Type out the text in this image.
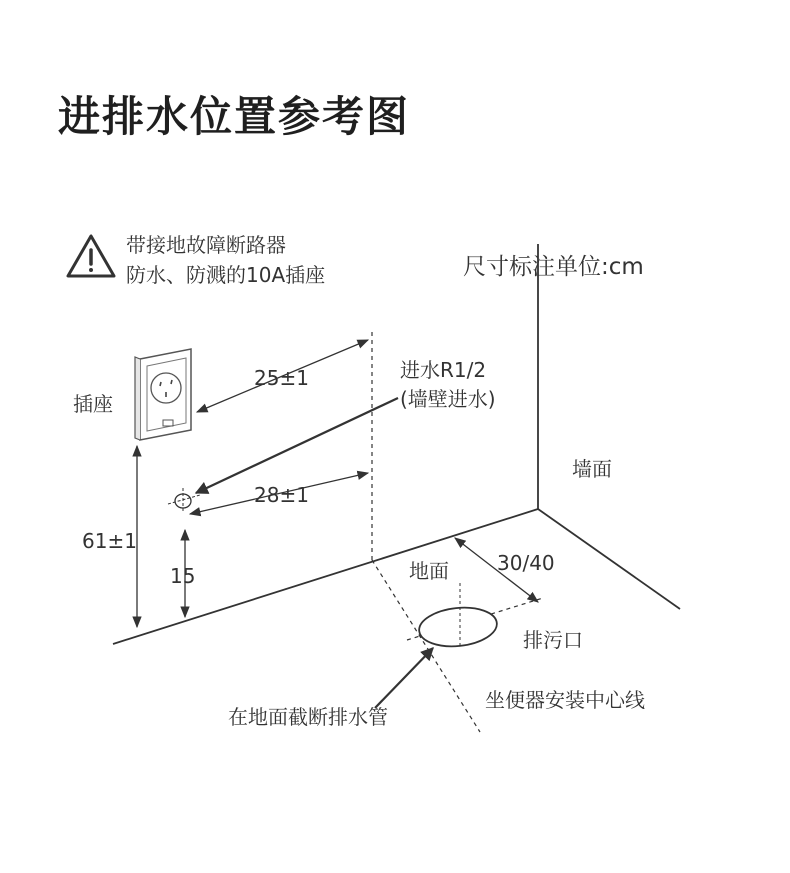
进排水位置参考图
带接地故障断路器
防水、防溅的10A插座	尺寸标注单位:cm
插座
25±1	进水R1/2
(墙壁进水)
28±1
61±1
15
墙面
地面 30/40
排污口
在地面截断排水管
坐便器安装中心线
